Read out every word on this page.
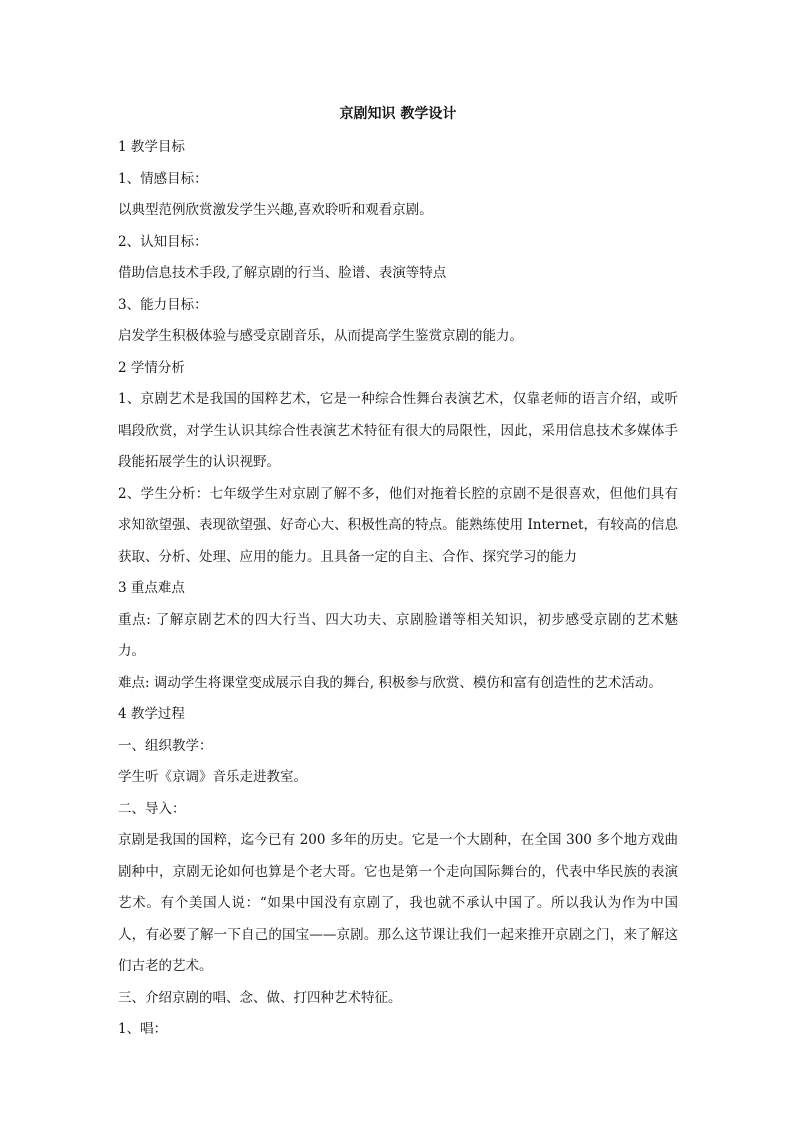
京剧知识 教学设计

1 教学目标

1、情感目标：

以典型范例欣赏激发学生兴趣,喜欢聆听和观看京剧。

2、认知目标：

借助信息技术手段,了解京剧的行当、脸谱、表演等特点

3、能力目标：

启发学生积极体验与感受京剧音乐，从而提高学生鉴赏京剧的能力。

2 学情分析

1、京剧艺术是我国的国粹艺术，它是一种综合性舞台表演艺术，仅靠老师的语言介绍，或听唱段欣赏，对学生认识其综合性表演艺术特征有很大的局限性，因此，采用信息技术多媒体手段能拓展学生的认识视野。

2、学生分析：七年级学生对京剧了解不多，他们对拖着长腔的京剧不是很喜欢，但他们具有求知欲望强、表现欲望强、好奇心大、积极性高的特点。能熟练使用 Internet，有较高的信息获取、分析、处理、应用的能力。且具备一定的自主、合作、探究学习的能力

3 重点难点

重点: 了解京剧艺术的四大行当、四大功夫、京剧脸谱等相关知识，初步感受京剧的艺术魅力。

难点: 调动学生将课堂变成展示自我的舞台, 积极参与欣赏、模仿和富有创造性的艺术活动。

4 教学过程

一、组织教学：

学生听《京调》音乐走进教室。

二、导入：

京剧是我国的国粹，迄今已有 200 多年的历史。它是一个大剧种，在全国 300 多个地方戏曲剧种中，京剧无论如何也算是个老大哥。它也是第一个走向国际舞台的，代表中华民族的表演艺术。有个美国人说：“如果中国没有京剧了，我也就不承认中国了。所以我认为作为中国人，有必要了解一下自己的国宝——京剧。那么这节课让我们一起来推开京剧之门，来了解这们古老的艺术。

三、介绍京剧的唱、念、做、打四种艺术特征。

1、唱：
